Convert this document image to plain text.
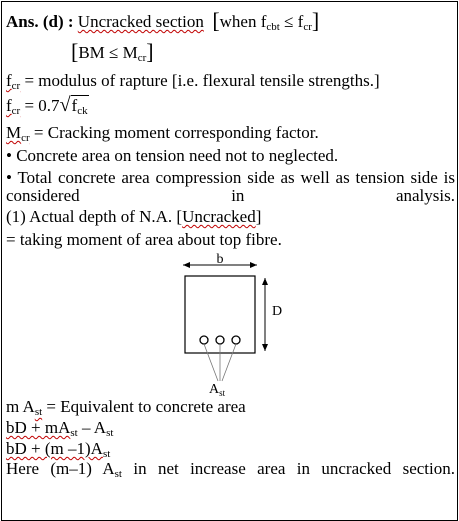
Ans. (d) : Uncracked section [when $f_{cbt} \le f_{cr}$]
$[BM \le M_{cr}]$
$f_{cr}$ = modulus of rapture [i.e. flexural tensile strengths.]
$f_{cr} = 0.7√f_{ck}$
$M_{cr}$ = Cracking moment corresponding factor.
• Concrete area on tension need not to neglected.
• Total concrete area compression side as well as tension side is considered in analysis.
(1) Actual depth of N.A. [Uncracked]
= taking moment of area about top fibre.
b
D
$A_{st}$
m $A_{st}$ = Equivalent to concrete area
bD + $mA_{st} - A_{st}$
bD + (m $-1)A_{st}$
Here (m–1) $A_{st}$ in net increase area in uncracked section.
